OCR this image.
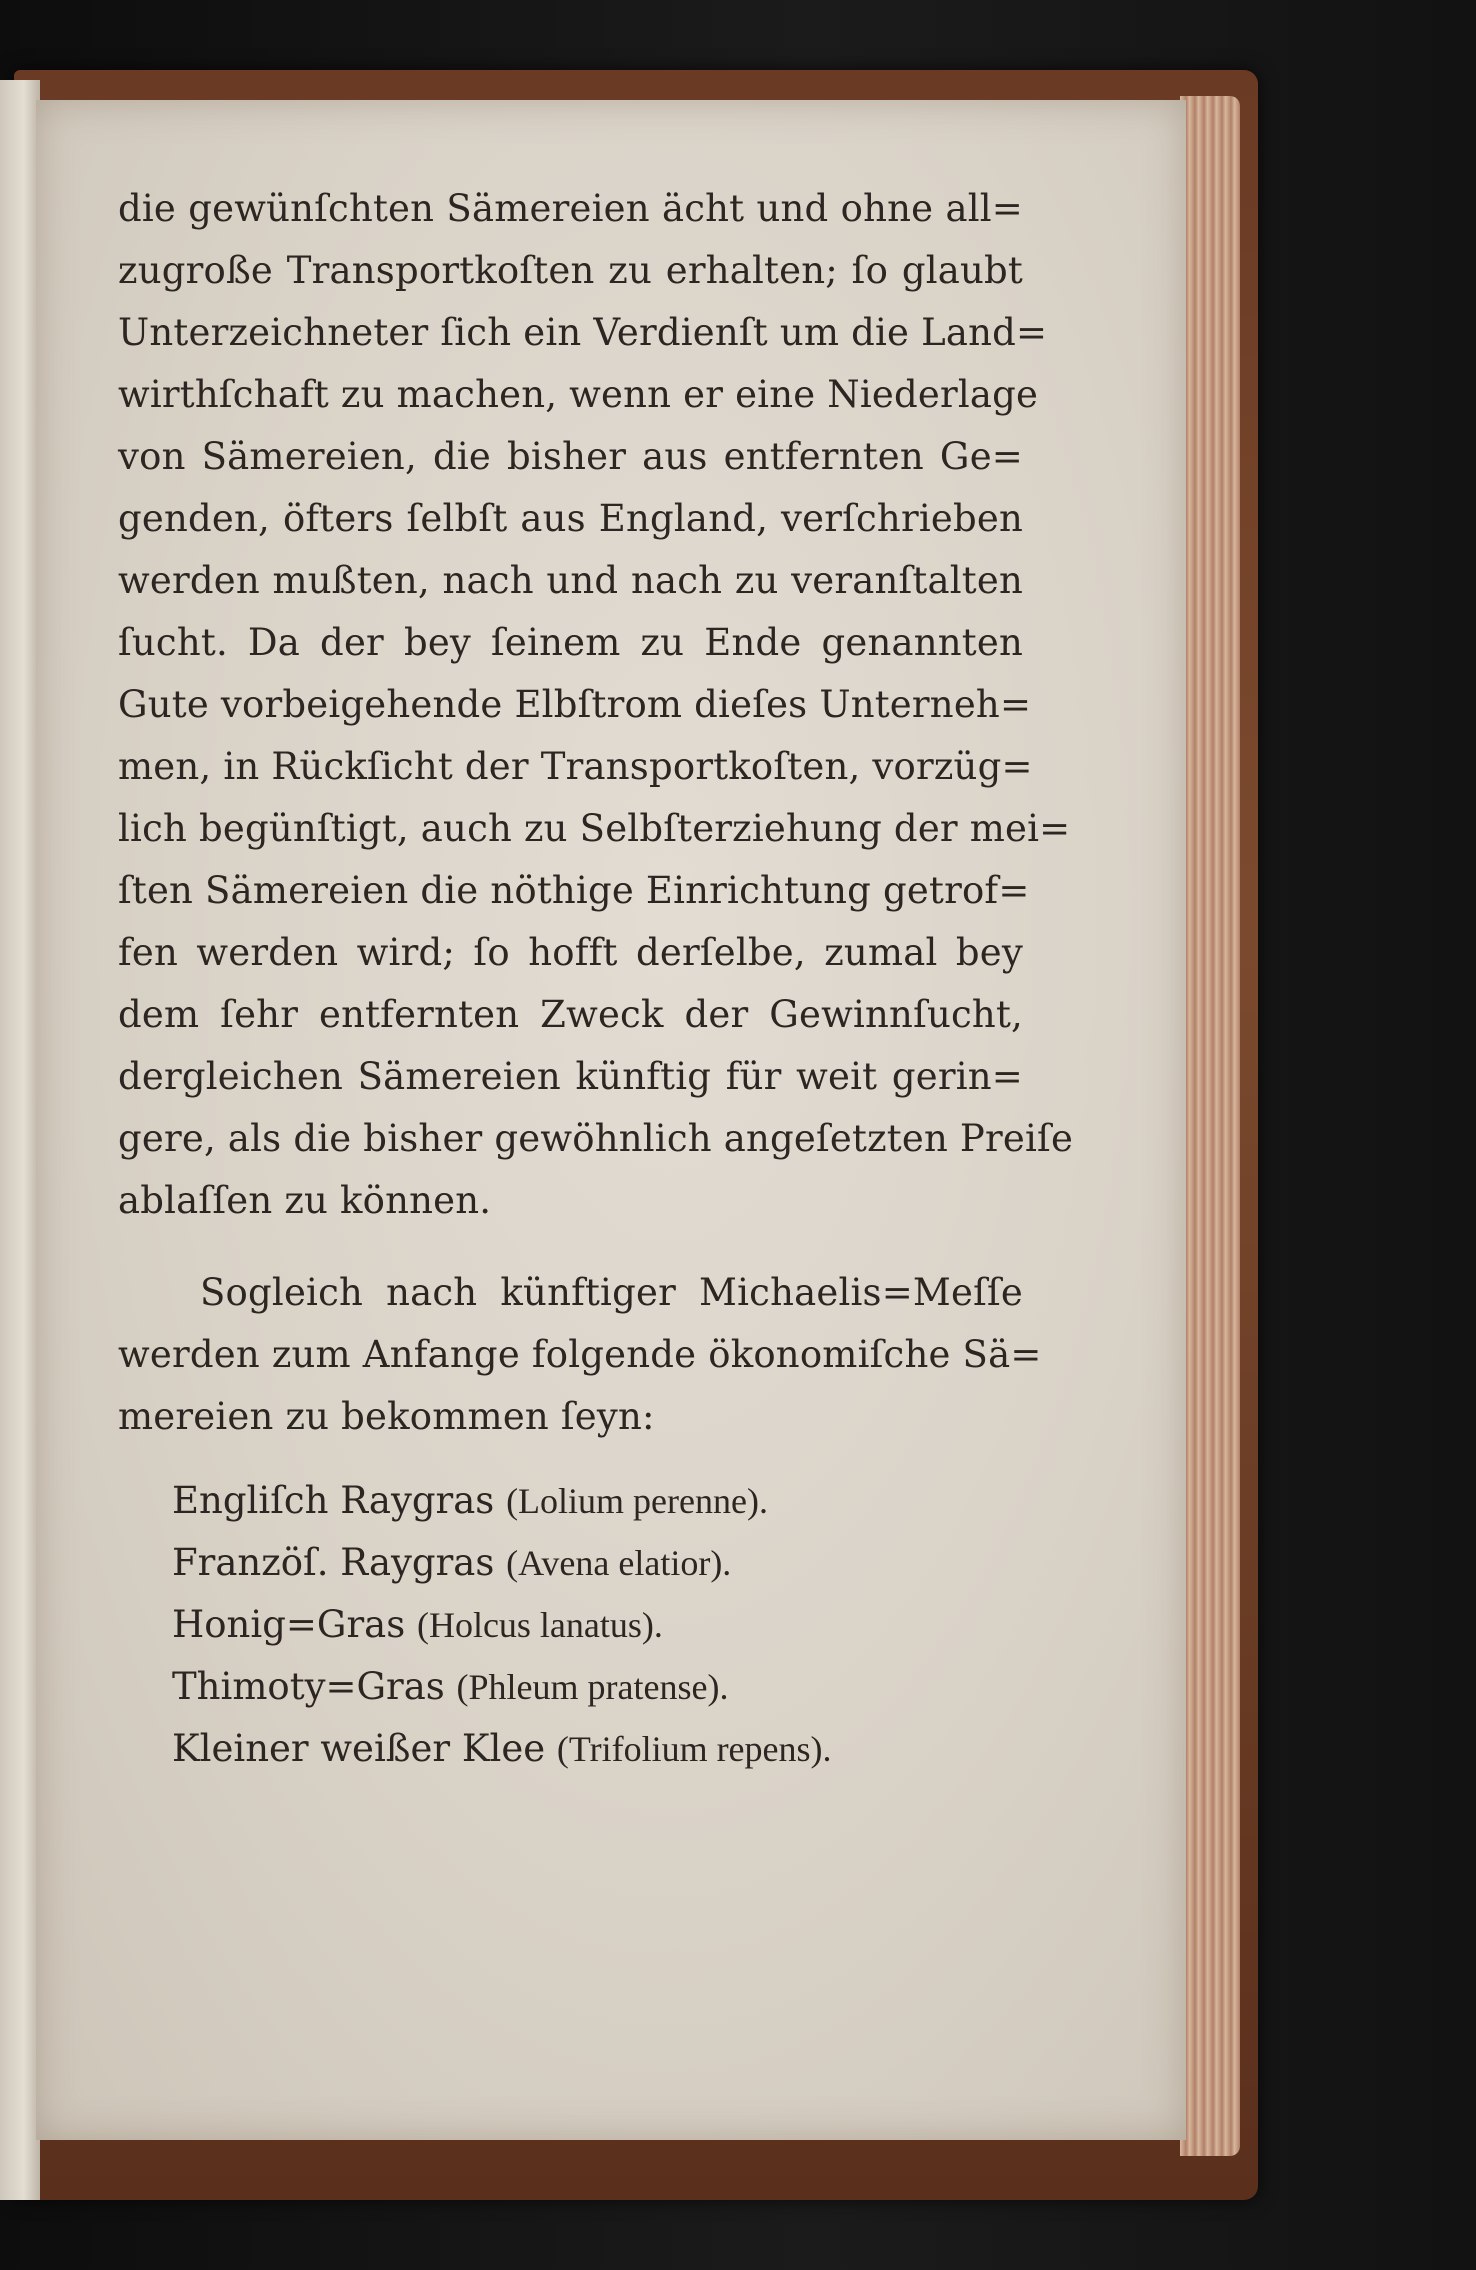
die gewünſchten Sämereien ächt und ohne all=
zugroße Transportkoſten zu erhalten; ſo glaubt
Unterzeichneter ſich ein Verdienſt um die Land=
wirthſchaft zu machen, wenn er eine Niederlage
von Sämereien, die bisher aus entfernten Ge=
genden, öfters ſelbſt aus England, verſchrieben
werden mußten, nach und nach zu veranſtalten
ſucht. Da der bey ſeinem zu Ende genannten
Gute vorbeigehende Elbſtrom dieſes Unterneh=
men, in Rückſicht der Transportkoſten, vorzüg=
lich begünſtigt, auch zu Selbſterziehung der mei=
ſten Sämereien die nöthige Einrichtung getrof=
fen werden wird; ſo hofft derſelbe, zumal bey
dem ſehr entfernten Zweck der Gewinnſucht,
dergleichen Sämereien künftig für weit gerin=
gere, als die bisher gewöhnlich angeſetzten Preiſe
ablaſſen zu können.
Sogleich nach künftiger Michaelis=Meſſe
werden zum Anfange folgende ökonomiſche Sä=
mereien zu bekommen ſeyn:
Engliſch Raygras (Lolium perenne).
Franzöſ. Raygras (Avena elatior).
Honig=Gras (Holcus lanatus).
Thimoty=Gras (Phleum pratense).
Kleiner weißer Klee (Trifolium repens).
